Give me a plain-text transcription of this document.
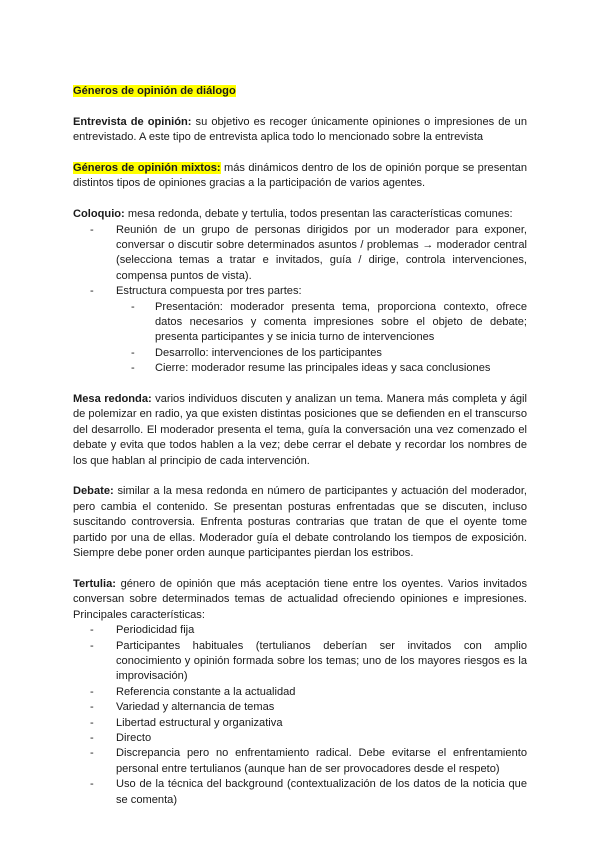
Géneros de opinión de diálogo

Entrevista de opinión: su objetivo es recoger únicamente opiniones o impresiones de un entrevistado. A este tipo de entrevista aplica todo lo mencionado sobre la entrevista

Géneros de opinión mixtos: más dinámicos dentro de los de opinión porque se presentan distintos tipos de opiniones gracias a la participación de varios agentes.

Coloquio: mesa redonda, debate y tertulia, todos presentan las características comunes:

- Reunión de un grupo de personas dirigidos por un moderador para exponer, conversar o discutir sobre determinados asuntos / problemas → moderador central (selecciona temas a tratar e invitados, guía / dirige, controla intervenciones, compensa puntos de vista).
- Estructura compuesta por tres partes:
- Presentación: moderador presenta tema, proporciona contexto, ofrece datos necesarios y comenta impresiones sobre el objeto de debate; presenta participantes y se inicia turno de intervenciones
- Desarrollo: intervenciones de los participantes
- Cierre: moderador resume las principales ideas y saca conclusiones

Mesa redonda: varios individuos discuten y analizan un tema. Manera más completa y ágil de polemizar en radio, ya que existen distintas posiciones que se defienden en el transcurso del desarrollo. El moderador presenta el tema, guía la conversación una vez comenzado el debate y evita que todos hablen a la vez; debe cerrar el debate y recordar los nombres de los que hablan al principio de cada intervención.

Debate: similar a la mesa redonda en número de participantes y actuación del moderador, pero cambia el contenido. Se presentan posturas enfrentadas que se discuten, incluso suscitando controversia. Enfrenta posturas contrarias que tratan de que el oyente tome partido por una de ellas. Moderador guía el debate controlando los tiempos de exposición. Siempre debe poner orden aunque participantes pierdan los estribos.

Tertulia: género de opinión que más aceptación tiene entre los oyentes. Varios invitados conversan sobre determinados temas de actualidad ofreciendo opiniones e impresiones. Principales características:

- Periodicidad fija
- Participantes habituales (tertulianos deberían ser invitados con amplio conocimiento y opinión formada sobre los temas; uno de los mayores riesgos es la improvisación)
- Referencia constante a la actualidad
- Variedad y alternancia de temas
- Libertad estructural y organizativa
- Directo
- Discrepancia pero no enfrentamiento radical. Debe evitarse el enfrentamiento personal entre tertulianos (aunque han de ser provocadores desde el respeto)
- Uso de la técnica del background (contextualización de los datos de la noticia que se comenta)
